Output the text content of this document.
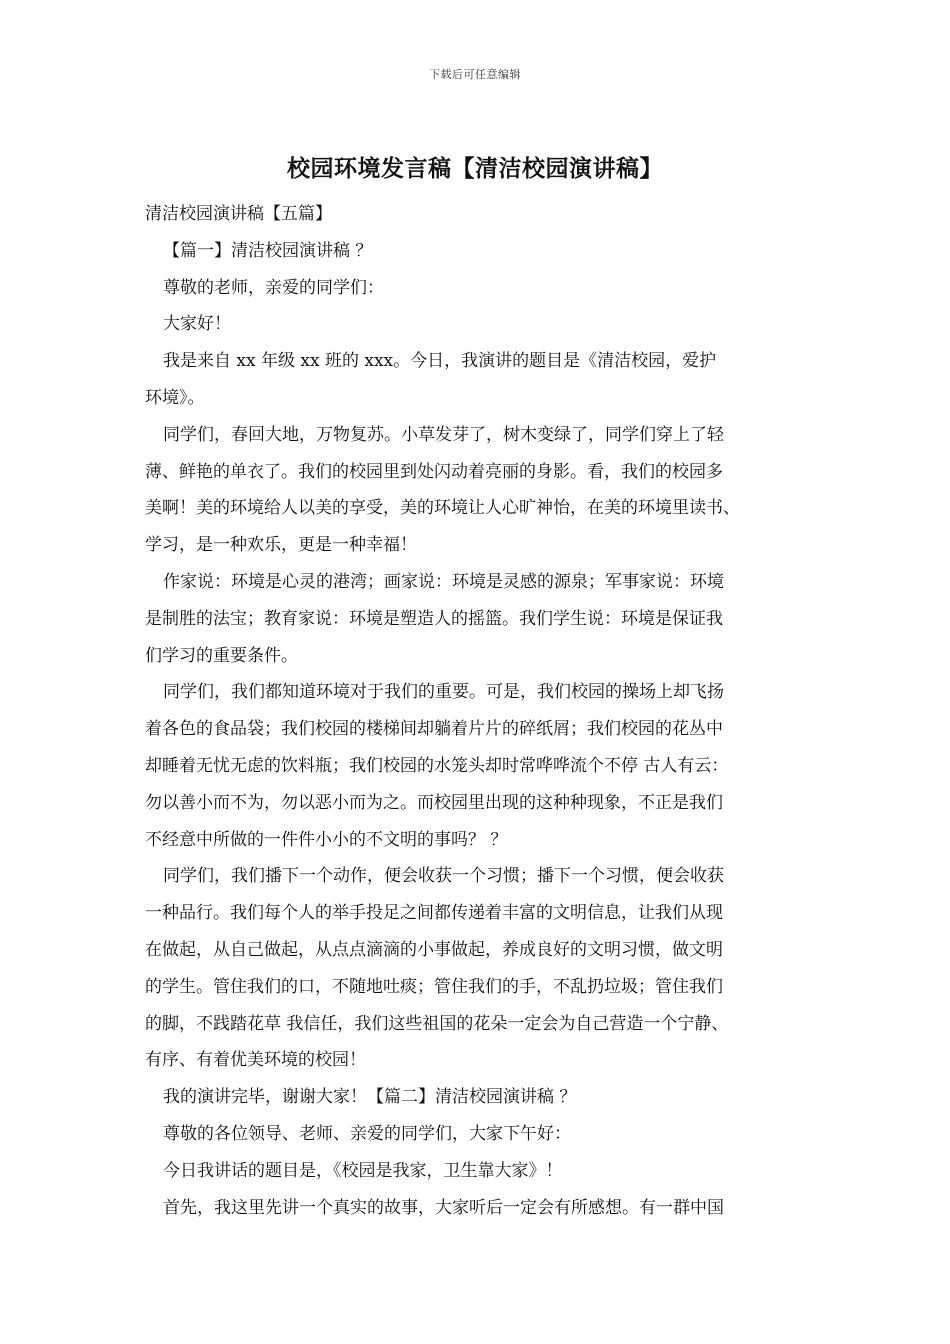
下载后可任意编辑
校园环境发言稿【清洁校园演讲稿】

清洁校园演讲稿【五篇】

【篇一】清洁校园演讲稿 ？

尊敬的老师，亲爱的同学们：

大家好！

我是来自 xx 年级 xx 班的 xxx。今日，我演讲的题目是《清洁校园，爱护

环境》。

同学们，春回大地，万物复苏。小草发芽了，树木变绿了，同学们穿上了轻

薄、鲜艳的单衣了。我们的校园里到处闪动着亮丽的身影。看，我们的校园多

美啊！美的环境给人以美的享受，美的环境让人心旷神怡，在美的环境里读书、

学习，是一种欢乐，更是一种幸福！

作家说：环境是心灵的港湾；画家说：环境是灵感的源泉；军事家说：环境

是制胜的法宝；教育家说：环境是塑造人的摇篮。我们学生说：环境是保证我

们学习的重要条件。

同学们，我们都知道环境对于我们的重要。可是，我们校园的操场上却飞扬

着各色的食品袋；我们校园的楼梯间却躺着片片的碎纸屑；我们校园的花丛中

却睡着无忧无虑的饮料瓶；我们校园的水笼头却时常哗哗流个不停 古人有云：

勿以善小而不为，勿以恶小而为之。而校园里出现的这种种现象，不正是我们

不经意中所做的一件件小小的不文明的事吗？ ？

同学们，我们播下一个动作，便会收获一个习惯；播下一个习惯，便会收获

一种品行。我们每个人的举手投足之间都传递着丰富的文明信息，让我们从现

在做起，从自己做起，从点点滴滴的小事做起，养成良好的文明习惯，做文明

的学生。管住我们的口，不随地吐痰；管住我们的手，不乱扔垃圾；管住我们

的脚，不践踏花草 我信任，我们这些祖国的花朵一定会为自己营造一个宁静、

有序、有着优美环境的校园！

我的演讲完毕，谢谢大家！【篇二】清洁校园演讲稿 ？

尊敬的各位领导、老师、亲爱的同学们，大家下午好：

今日我讲话的题目是，《校园是我家，卫生靠大家》！

首先，我这里先讲一个真实的故事，大家听后一定会有所感想。有一群中国
